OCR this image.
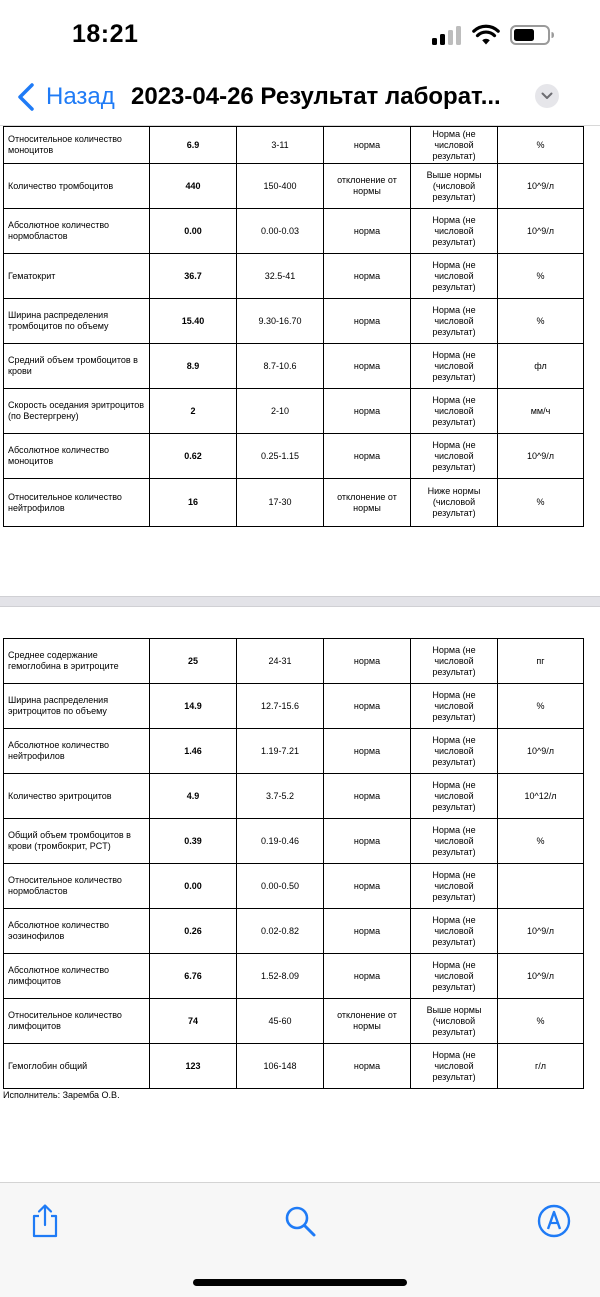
18:21
Назад 2023-04-26 Результат лаборат...
Относительное количество моноцитов	6.9	3-11	норма	Норма (не числовой результат)	%
Количество тромбоцитов	440	150-400	отклонение от нормы	Выше нормы (числовой результат)	10^9/л
Абсолютное количество нормобластов	0.00	0.00-0.03	норма	Норма (не числовой результат)	10^9/л
Гематокрит	36.7	32.5-41	норма	Норма (не числовой результат)	%
Ширина распределения тромбоцитов по объему	15.40	9.30-16.70	норма	Норма (не числовой результат)	%
Средний объем тромбоцитов в крови	8.9	8.7-10.6	норма	Норма (не числовой результат)	фл
Скорость оседания эритроцитов (по Вестергрену)	2	2-10	норма	Норма (не числовой результат)	мм/ч
Абсолютное количество моноцитов	0.62	0.25-1.15	норма	Норма (не числовой результат)	10^9/л
Относительное количество нейтрофилов	16	17-30	отклонение от нормы	Ниже нормы (числовой результат)	%
Среднее содержание гемоглобина в эритроците	25	24-31	норма	Норма (не числовой результат)	пг
Ширина распределения эритроцитов по объему	14.9	12.7-15.6	норма	Норма (не числовой результат)	%
Абсолютное количество нейтрофилов	1.46	1.19-7.21	норма	Норма (не числовой результат)	10^9/л
Количество эритроцитов	4.9	3.7-5.2	норма	Норма (не числовой результат)	10^12/л
Общий объем тромбоцитов в крови (тромбокрит, PCT)	0.39	0.19-0.46	норма	Норма (не числовой результат)	%
Относительное количество нормобластов	0.00	0.00-0.50	норма	Норма (не числовой результат)	
Абсолютное количество эозинофилов	0.26	0.02-0.82	норма	Норма (не числовой результат)	10^9/л
Абсолютное количество лимфоцитов	6.76	1.52-8.09	норма	Норма (не числовой результат)	10^9/л
Относительное количество лимфоцитов	74	45-60	отклонение от нормы	Выше нормы (числовой результат)	%
Гемоглобин общий	123	106-148	норма	Норма (не числовой результат)	г/л
Исполнитель: Заремба О.В.
